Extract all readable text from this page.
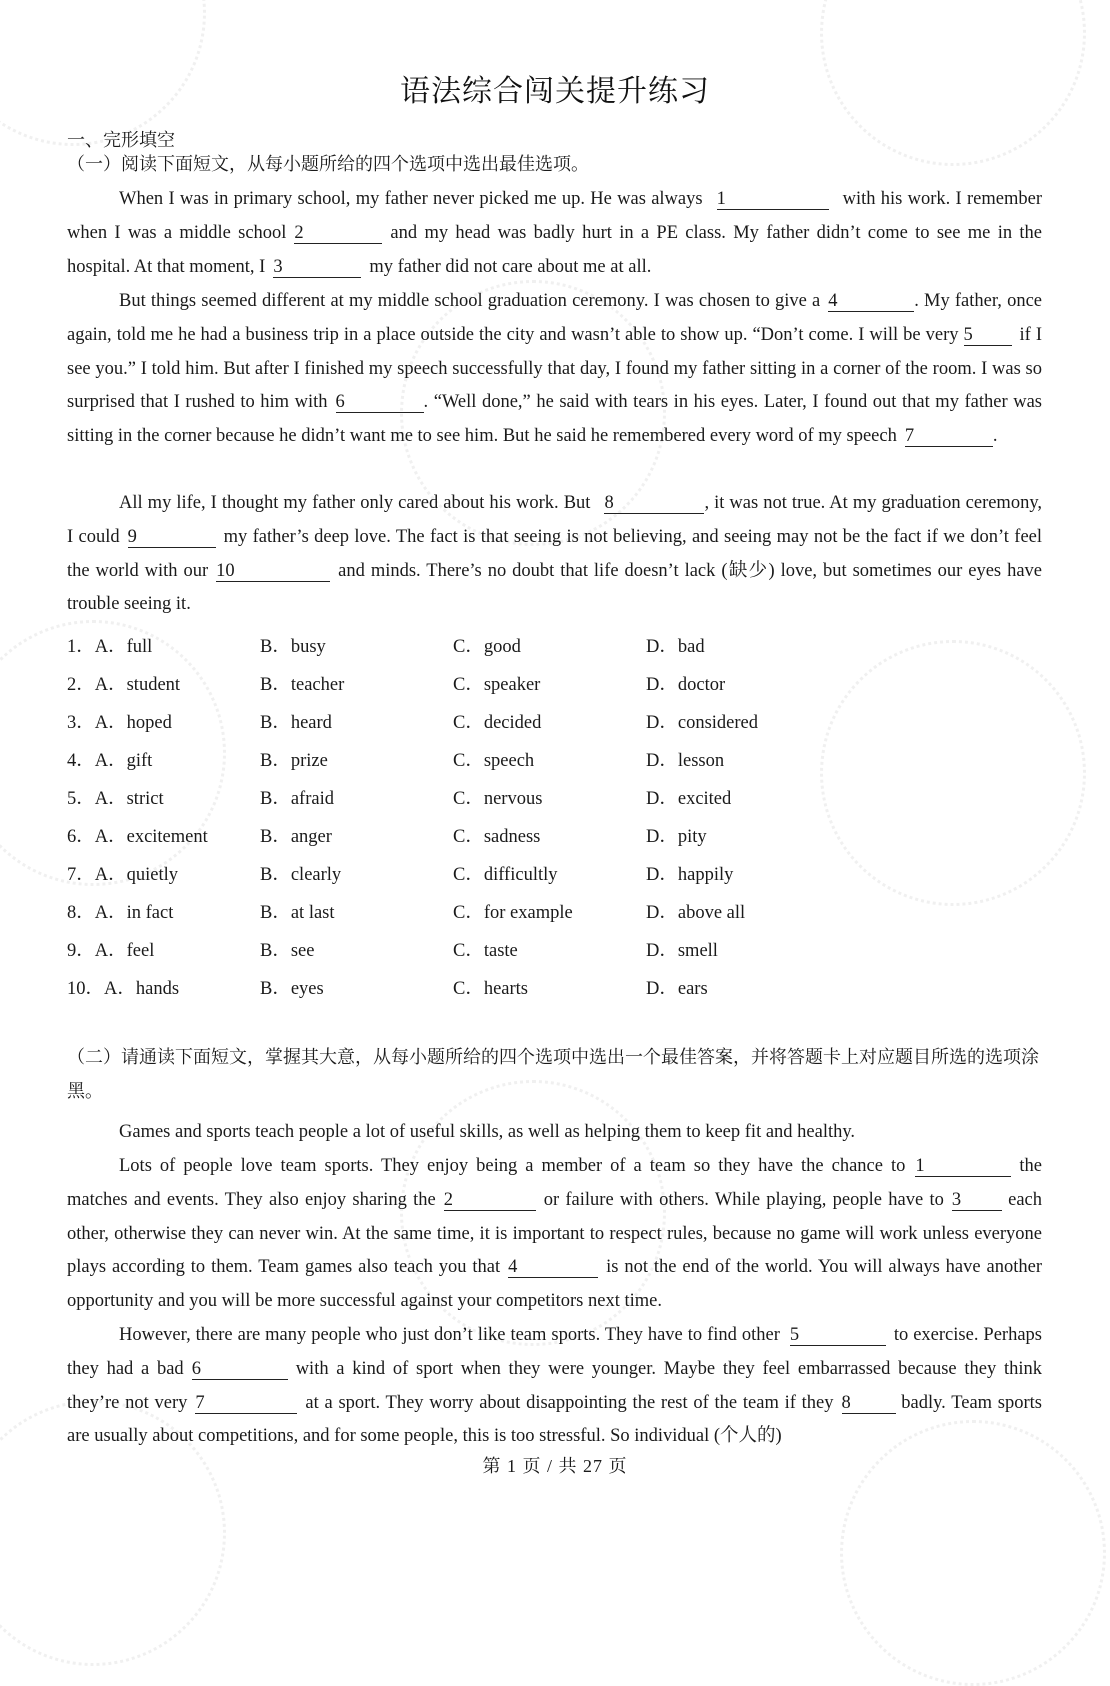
语法综合闯关提升练习
一、完形填空
（一）阅读下面短文，从每小题所给的四个选项中选出最佳选项。
When I was in primary school, my father never picked me up. He was always 1	with his work. I remember when I was a middle school 2	and my head was badly hurt in a PE class. My father didn’t come to see me in the hospital. At that moment, I 3	my father did not care about me at all.
But things seemed different at my middle school graduation ceremony. I was chosen to give a 4	. My father, once again, told me he had a business trip in a place outside the city and wasn’t able to show up. “Don’t come. I will be very 5	if I see you.” I told him. But after I finished my speech successfully that day, I found my father sitting in a corner of the room. I was so surprised that I rushed to him with 6	. “Well done,” he said with tears in his eyes. Later, I found out that my father was sitting in the corner because he didn’t want me to see him. But he said he remembered every word of my speech 7	.
All my life, I thought my father only cared about his work. But 8	, it was not true. At my graduation ceremony, I could 9	my father’s deep love. The fact is that seeing is not believing, and seeing may not be the fact if we don’t feel the world with our 10	and minds. There’s no doubt that life doesn’t lack (缺少) love, but sometimes our eyes have trouble seeing it.
1．A．full	B．busy	C．good	D．bad
2．A．student	B．teacher	C．speaker	D．doctor
3．A．hoped	B．heard	C．decided	D．considered
4．A．gift	B．prize	C．speech	D．lesson
5．A．strict	B．afraid	C．nervous	D．excited
6．A．excitement	B．anger	C．sadness	D．pity
7．A．quietly	B．clearly	C．difficultly	D．happily
8．A．in fact	B．at last	C．for example	D．above all
9．A．feel	B．see	C．taste	D．smell
10．A．hands	B．eyes	C．hearts	D．ears
（二）请通读下面短文，掌握其大意，从每小题所给的四个选项中选出一个最佳答案，并将答题卡上对应题目所选的选项涂黑。
Games and sports teach people a lot of useful skills, as well as helping them to keep fit and healthy.
Lots of people love team sports. They enjoy being a member of a team so they have the chance to 1	the matches and events. They also enjoy sharing the 2	or failure with others. While playing, people have to 3	each other, otherwise they can never win. At the same time, it is important to respect rules, because no game will work unless everyone plays according to them. Team games also teach you that 4	is not the end of the world. You will always have another opportunity and you will be more successful against your competitors next time.
However, there are many people who just don’t like team sports. They have to find other 5	to exercise. Perhaps they had a bad 6	with a kind of sport when they were younger. Maybe they feel embarrassed because they think they’re not very 7	at a sport. They worry about disappointing the rest of the team if they 8	badly. Team sports are usually about competitions, and for some people, this is too stressful. So individual (个人的)
第 1 页 / 共 27 页
